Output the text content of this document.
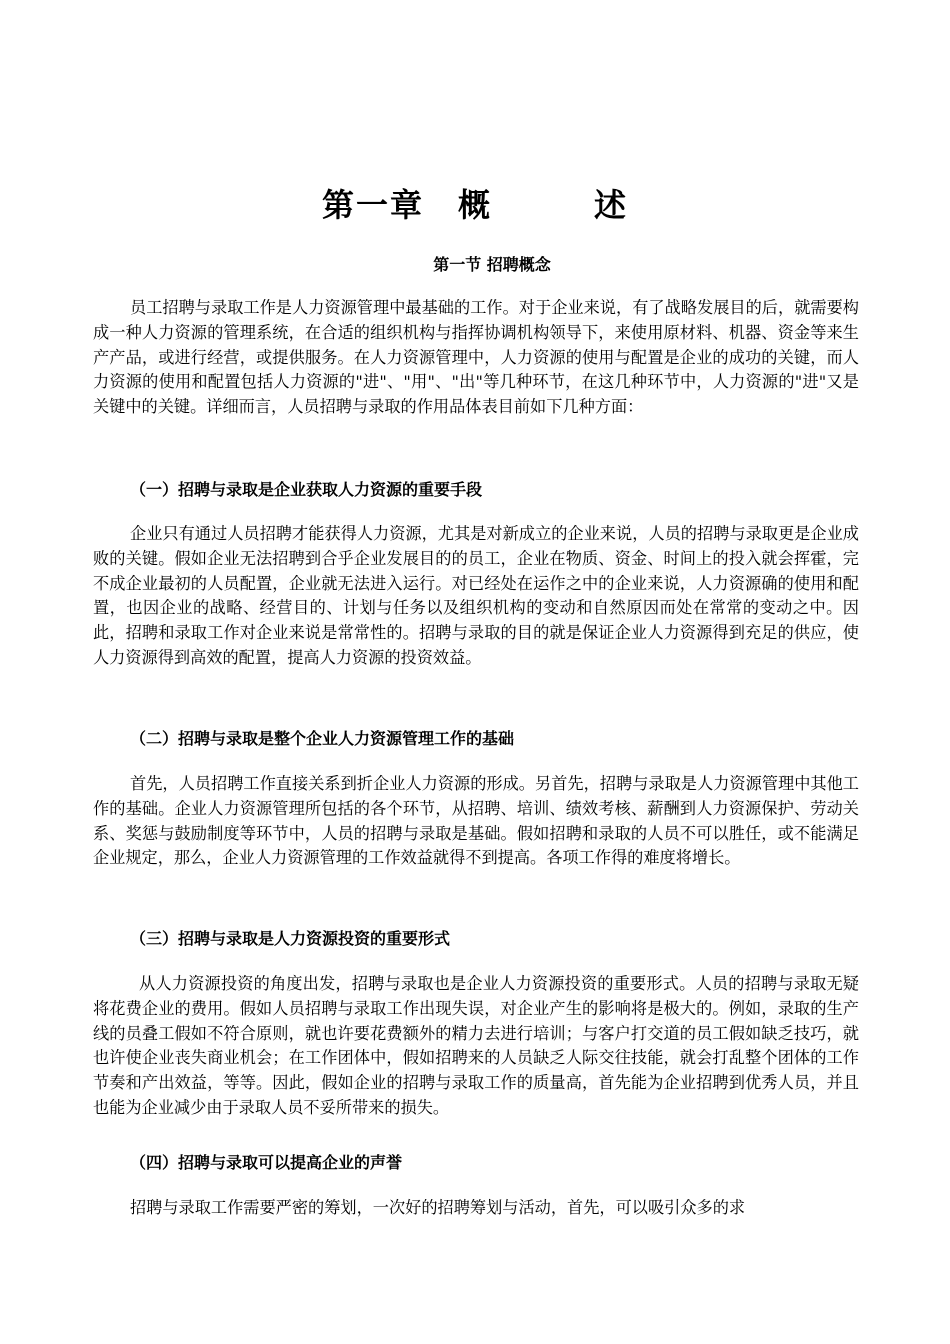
第一章　概　　　述
第一节 招聘概念

员工招聘与录取工作是人力资源管理中最基础的工作。对于企业来说，有了战略发展目的后，就需要构成一种人力资源的管理系统，在合适的组织机构与指挥协调机构领导下，来使用原材料、机器、资金等来生产产品，或进行经营，或提供服务。在人力资源管理中，人力资源的使用与配置是企业的成功的关键，而人力资源的使用和配置包括人力资源的"进"、"用"、"出"等几种环节，在这几种环节中，人力资源的"进"又是关键中的关键。详细而言，人员招聘与录取的作用品体表目前如下几种方面：

（一）招聘与录取是企业获取人力资源的重要手段

企业只有通过人员招聘才能获得人力资源，尤其是对新成立的企业来说，人员的招聘与录取更是企业成败的关键。假如企业无法招聘到合乎企业发展目的的员工，企业在物质、资金、时间上的投入就会挥霍，完不成企业最初的人员配置，企业就无法进入运行。对已经处在运作之中的企业来说，人力资源确的使用和配置，也因企业的战略、经营目的、计划与任务以及组织机构的变动和自然原因而处在常常的变动之中。因此，招聘和录取工作对企业来说是常常性的。招聘与录取的目的就是保证企业人力资源得到充足的供应，使人力资源得到高效的配置，提高人力资源的投资效益。

（二）招聘与录取是整个企业人力资源管理工作的基础

首先，人员招聘工作直接关系到折企业人力资源的形成。另首先，招聘与录取是人力资源管理中其他工作的基础。企业人力资源管理所包括的各个环节，从招聘、培训、绩效考核、薪酬到人力资源保护、劳动关系、奖惩与鼓励制度等环节中，人员的招聘与录取是基础。假如招聘和录取的人员不可以胜任，或不能满足企业规定，那么，企业人力资源管理的工作效益就得不到提高。各项工作得的难度将增长。

（三）招聘与录取是人力资源投资的重要形式

从人力资源投资的角度出发，招聘与录取也是企业人力资源投资的重要形式。人员的招聘与录取无疑将花费企业的费用。假如人员招聘与录取工作出现失误，对企业产生的影响将是极大的。例如，录取的生产线的员叠工假如不符合原则，就也许要花费额外的精力去进行培训；与客户打交道的员工假如缺乏技巧，就也许使企业丧失商业机会；在工作团体中，假如招聘来的人员缺乏人际交往技能，就会打乱整个团体的工作节奏和产出效益，等等。因此，假如企业的招聘与录取工作的质量高，首先能为企业招聘到优秀人员，并且也能为企业减少由于录取人员不妥所带来的损失。

（四）招聘与录取可以提高企业的声誉

招聘与录取工作需要严密的筹划，一次好的招聘筹划与活动，首先，可以吸引众多的求
